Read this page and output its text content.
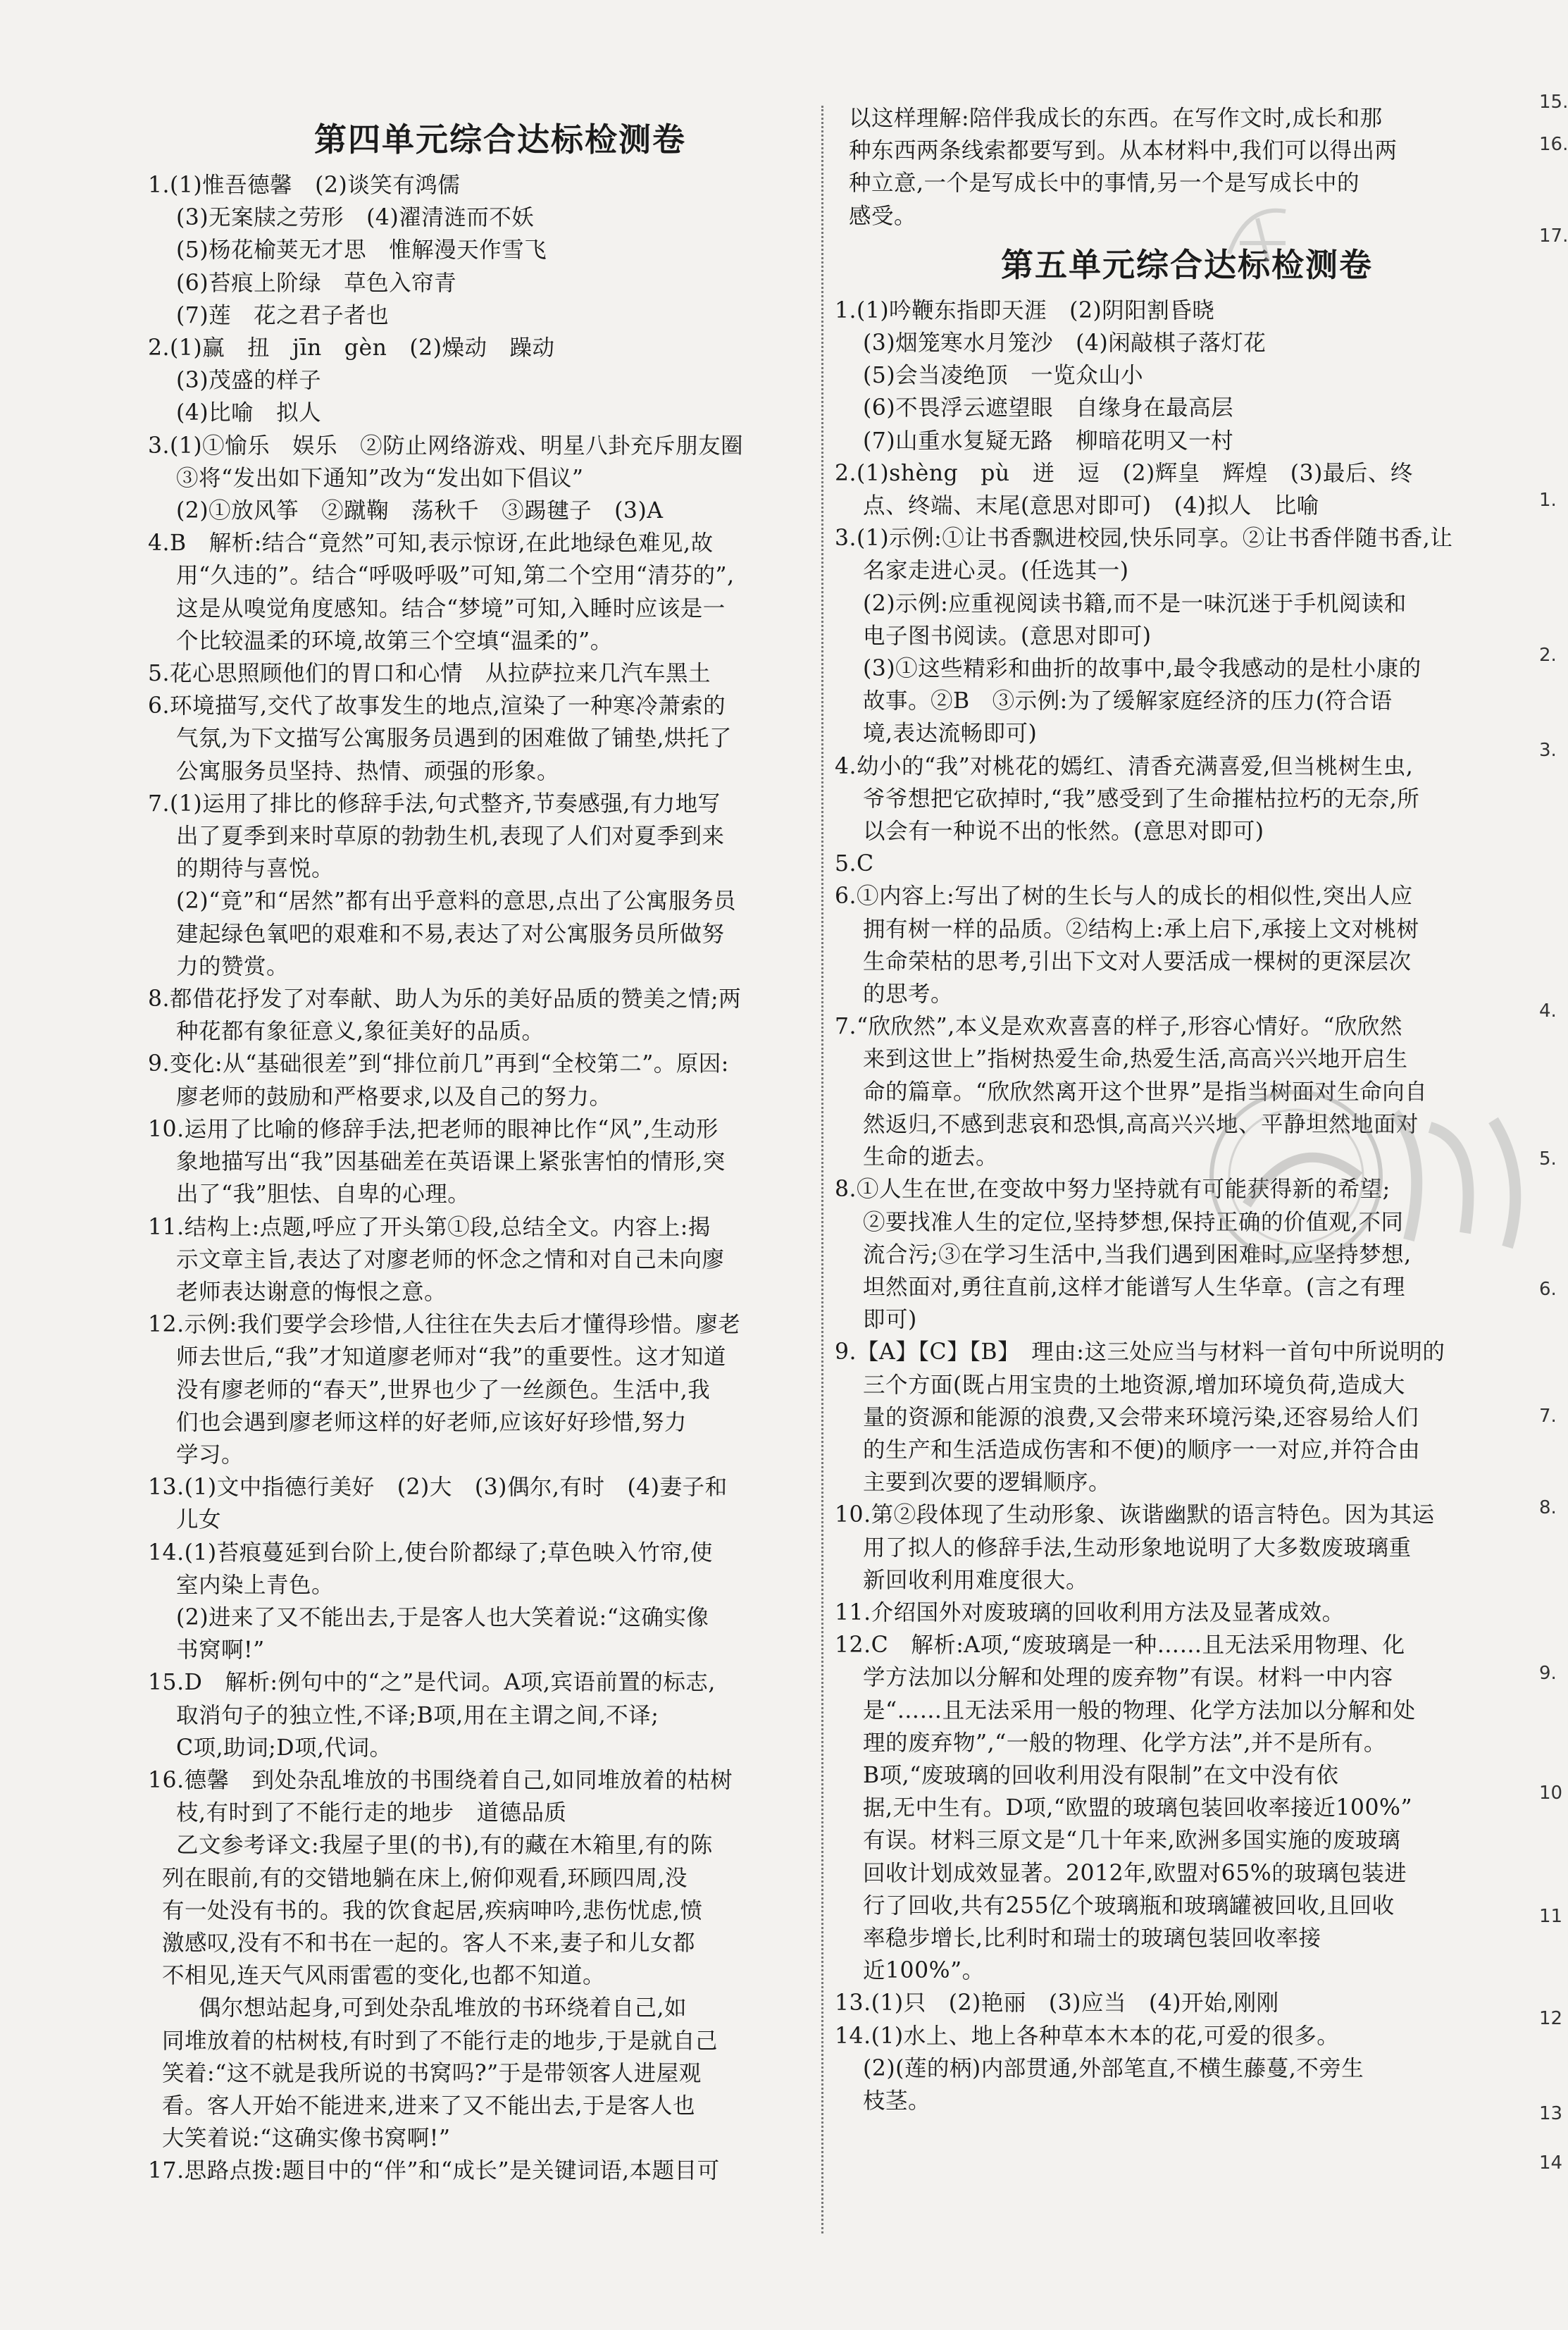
第四单元综合达标检测卷
1.(1)惟吾德馨　(2)谈笑有鸿儒
(3)无案牍之劳形　(4)濯清涟而不妖
(5)杨花榆荚无才思　惟解漫天作雪飞
(6)苔痕上阶绿　草色入帘青
(7)莲　花之君子者也
2.(1)赢　扭　jīn　gèn　(2)燥动　躁动
(3)茂盛的样子
(4)比喻　拟人
3.(1)①愉乐　娱乐　②防止网络游戏、明星八卦充斥朋友圈
③将“发出如下通知”改为“发出如下倡议”
(2)①放风筝　②蹴鞠　荡秋千　③踢毽子　(3)A
4.B　解析:结合“竟然”可知,表示惊讶,在此地绿色难见,故
用“久违的”。结合“呼吸呼吸”可知,第二个空用“清芬的”,
这是从嗅觉角度感知。结合“梦境”可知,入睡时应该是一
个比较温柔的环境,故第三个空填“温柔的”。
5.花心思照顾他们的胃口和心情　从拉萨拉来几汽车黑土
6.环境描写,交代了故事发生的地点,渲染了一种寒冷萧索的
气氛,为下文描写公寓服务员遇到的困难做了铺垫,烘托了
公寓服务员坚持、热情、顽强的形象。
7.(1)运用了排比的修辞手法,句式整齐,节奏感强,有力地写
出了夏季到来时草原的勃勃生机,表现了人们对夏季到来
的期待与喜悦。
(2)“竟”和“居然”都有出乎意料的意思,点出了公寓服务员
建起绿色氧吧的艰难和不易,表达了对公寓服务员所做努
力的赞赏。
8.都借花抒发了对奉献、助人为乐的美好品质的赞美之情;两
种花都有象征意义,象征美好的品质。
9.变化:从“基础很差”到“排位前几”再到“全校第二”。原因:
廖老师的鼓励和严格要求,以及自己的努力。
10.运用了比喻的修辞手法,把老师的眼神比作“风”,生动形
象地描写出“我”因基础差在英语课上紧张害怕的情形,突
出了“我”胆怯、自卑的心理。
11.结构上:点题,呼应了开头第①段,总结全文。内容上:揭
示文章主旨,表达了对廖老师的怀念之情和对自己未向廖
老师表达谢意的悔恨之意。
12.示例:我们要学会珍惜,人往往在失去后才懂得珍惜。廖老
师去世后,“我”才知道廖老师对“我”的重要性。这才知道
没有廖老师的“春天”,世界也少了一丝颜色。生活中,我
们也会遇到廖老师这样的好老师,应该好好珍惜,努力
学习。
13.(1)文中指德行美好　(2)大　(3)偶尔,有时　(4)妻子和
儿女
14.(1)苔痕蔓延到台阶上,使台阶都绿了;草色映入竹帘,使
室内染上青色。
(2)进来了又不能出去,于是客人也大笑着说:“这确实像
书窝啊!”
15.D　解析:例句中的“之”是代词。A项,宾语前置的标志,
取消句子的独立性,不译;B项,用在主谓之间,不译;
C项,助词;D项,代词。
16.德馨　到处杂乱堆放的书围绕着自己,如同堆放着的枯树
枝,有时到了不能行走的地步　道德品质
乙文参考译文:我屋子里(的书),有的藏在木箱里,有的陈
列在眼前,有的交错地躺在床上,俯仰观看,环顾四周,没
有一处没有书的。我的饮食起居,疾病呻吟,悲伤忧虑,愤
激感叹,没有不和书在一起的。客人不来,妻子和儿女都
不相见,连天气风雨雷雹的变化,也都不知道。
偶尔想站起身,可到处杂乱堆放的书环绕着自己,如
同堆放着的枯树枝,有时到了不能行走的地步,于是就自己
笑着:“这不就是我所说的书窝吗?”于是带领客人进屋观
看。客人开始不能进来,进来了又不能出去,于是客人也
大笑着说:“这确实像书窝啊!”
17.思路点拨:题目中的“伴”和“成长”是关键词语,本题目可
以这样理解:陪伴我成长的东西。在写作文时,成长和那
种东西两条线索都要写到。从本材料中,我们可以得出两
种立意,一个是写成长中的事情,另一个是写成长中的
感受。
第五单元综合达标检测卷
1.(1)吟鞭东指即天涯　(2)阴阳割昏晓
(3)烟笼寒水月笼沙　(4)闲敲棋子落灯花
(5)会当凌绝顶　一览众山小
(6)不畏浮云遮望眼　自缘身在最高层
(7)山重水复疑无路　柳暗花明又一村
2.(1)shèng　pù　迸　逗　(2)辉皇　辉煌　(3)最后、终
点、终端、末尾(意思对即可)　(4)拟人　比喻
3.(1)示例:①让书香飘进校园,快乐同享。②让书香伴随书香,让
名家走进心灵。(任选其一)
(2)示例:应重视阅读书籍,而不是一味沉迷于手机阅读和
电子图书阅读。(意思对即可)
(3)①这些精彩和曲折的故事中,最令我感动的是杜小康的
故事。②B　③示例:为了缓解家庭经济的压力(符合语
境,表达流畅即可)
4.幼小的“我”对桃花的嫣红、清香充满喜爱,但当桃树生虫,
爷爷想把它砍掉时,“我”感受到了生命摧枯拉朽的无奈,所
以会有一种说不出的怅然。(意思对即可)
5.C
6.①内容上:写出了树的生长与人的成长的相似性,突出人应
拥有树一样的品质。②结构上:承上启下,承接上文对桃树
生命荣枯的思考,引出下文对人要活成一棵树的更深层次
的思考。
7.“欣欣然”,本义是欢欢喜喜的样子,形容心情好。“欣欣然
来到这世上”指树热爱生命,热爱生活,高高兴兴地开启生
命的篇章。“欣欣然离开这个世界”是指当树面对生命向自
然返归,不感到悲哀和恐惧,高高兴兴地、平静坦然地面对
生命的逝去。
8.①人生在世,在变故中努力坚持就有可能获得新的希望;
②要找准人生的定位,坚持梦想,保持正确的价值观,不同
流合污;③在学习生活中,当我们遇到困难时,应坚持梦想,
坦然面对,勇往直前,这样才能谱写人生华章。(言之有理
即可)
9.【A】【C】【B】　理由:这三处应当与材料一首句中所说明的
三个方面(既占用宝贵的土地资源,增加环境负荷,造成大
量的资源和能源的浪费,又会带来环境污染,还容易给人们
的生产和生活造成伤害和不便)的顺序一一对应,并符合由
主要到次要的逻辑顺序。
10.第②段体现了生动形象、诙谐幽默的语言特色。因为其运
用了拟人的修辞手法,生动形象地说明了大多数废玻璃重
新回收利用难度很大。
11.介绍国外对废玻璃的回收利用方法及显著成效。
12.C　解析:A项,“废玻璃是一种……且无法采用物理、化
学方法加以分解和处理的废弃物”有误。材料一中内容
是“……且无法采用一般的物理、化学方法加以分解和处
理的废弃物”,“一般的物理、化学方法”,并不是所有。
B项,“废玻璃的回收利用没有限制”在文中没有依
据,无中生有。D项,“欧盟的玻璃包装回收率接近100%”
有误。材料三原文是“几十年来,欧洲多国实施的废玻璃
回收计划成效显著。2012年,欧盟对65%的玻璃包装进
行了回收,共有255亿个玻璃瓶和玻璃罐被回收,且回收
率稳步增长,比利时和瑞士的玻璃包装回收率接
近100%”。
13.(1)只　(2)艳丽　(3)应当　(4)开始,刚刚
14.(1)水上、地上各种草本木本的花,可爱的很多。
(2)(莲的柄)内部贯通,外部笔直,不横生藤蔓,不旁生
枝茎。
15.
16.
17.
1.
2.
3.
4.
5.
6.
7.
8.
9.
10
11
12
13
14
